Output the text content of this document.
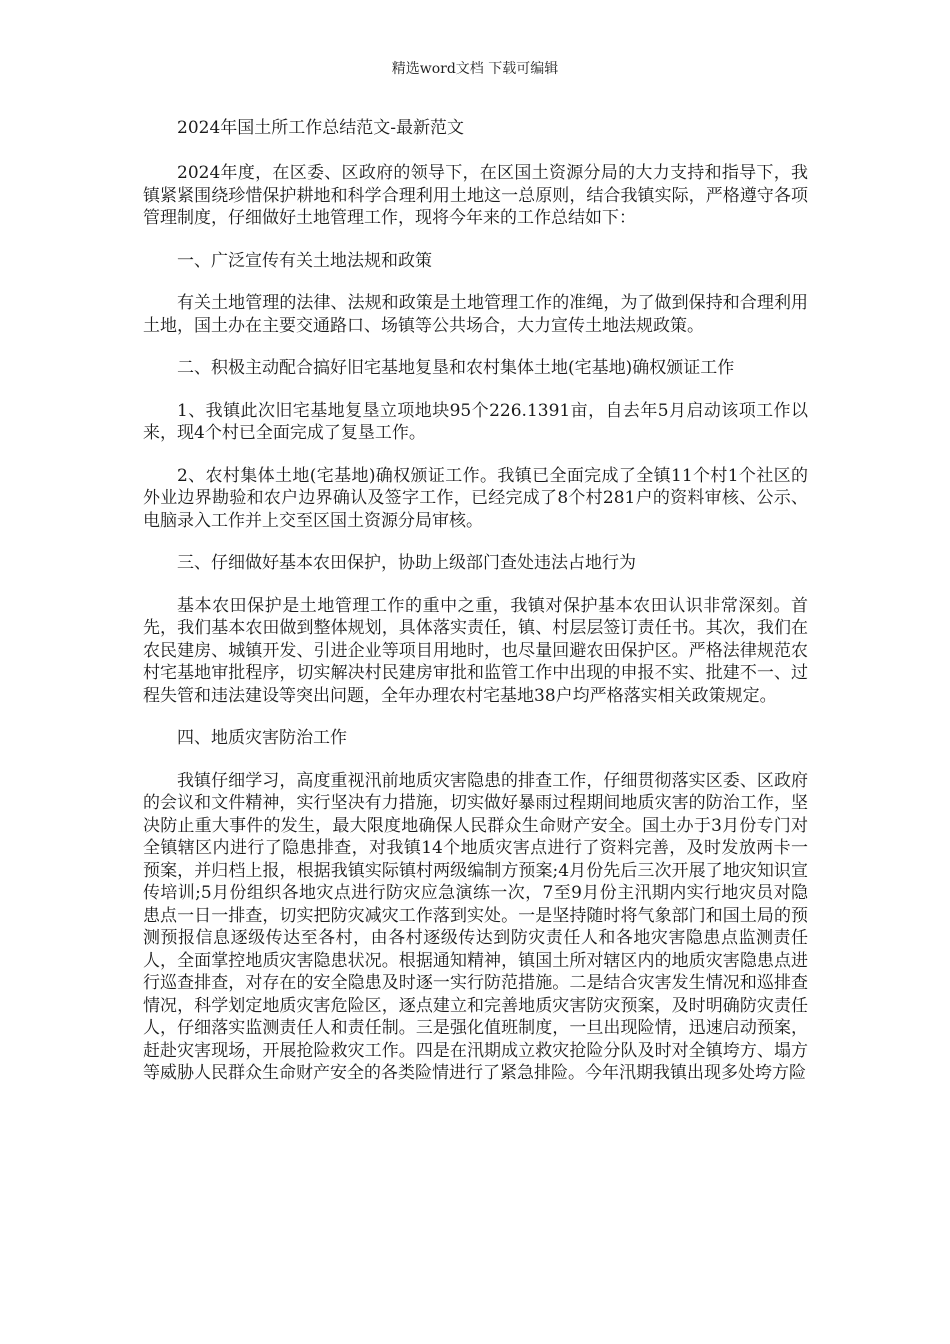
精选word文档 下载可编辑

2024年国土所工作总结范文-最新范文

2024年度，在区委、区政府的领导下，在区国土资源分局的大力支持和指导下，我镇紧紧围绕珍惜保护耕地和科学合理利用土地这一总原则，结合我镇实际，严格遵守各项管理制度，仔细做好土地管理工作，现将今年来的工作总结如下：

一、广泛宣传有关土地法规和政策

有关土地管理的法律、法规和政策是土地管理工作的准绳，为了做到保持和合理利用土地，国土办在主要交通路口、场镇等公共场合，大力宣传土地法规政策。

二、积极主动配合搞好旧宅基地复垦和农村集体土地(宅基地)确权颁证工作

1、我镇此次旧宅基地复垦立项地块95个226.1391亩，自去年5月启动该项工作以来，现4个村已全面完成了复垦工作。

2、农村集体土地(宅基地)确权颁证工作。我镇已全面完成了全镇11个村1个社区的外业边界勘验和农户边界确认及签字工作，已经完成了8个村281户的资料审核、公示、电脑录入工作并上交至区国土资源分局审核。

三、仔细做好基本农田保护，协助上级部门查处违法占地行为

基本农田保护是土地管理工作的重中之重，我镇对保护基本农田认识非常深刻。首先，我们基本农田做到整体规划，具体落实责任，镇、村层层签订责任书。其次，我们在农民建房、城镇开发、引进企业等项目用地时，也尽量回避农田保护区。严格法律规范农村宅基地审批程序，切实解决村民建房审批和监管工作中出现的申报不实、批建不一、过程失管和违法建设等突出问题，全年办理农村宅基地38户均严格落实相关政策规定。

四、地质灾害防治工作

我镇仔细学习，高度重视汛前地质灾害隐患的排查工作，仔细贯彻落实区委、区政府的会议和文件精神，实行坚决有力措施，切实做好暴雨过程期间地质灾害的防治工作，坚决防止重大事件的发生，最大限度地确保人民群众生命财产安全。国土办于3月份专门对全镇辖区内进行了隐患排查，对我镇14个地质灾害点进行了资料完善，及时发放两卡一预案，并归档上报，根据我镇实际镇村两级编制方预案;4月份先后三次开展了地灾知识宣传培训;5月份组织各地灾点进行防灾应急演练一次，7至9月份主汛期内实行地灾员对隐患点一日一排查，切实把防灾减灾工作落到实处。一是坚持随时将气象部门和国土局的预测预报信息逐级传达至各村，由各村逐级传达到防灾责任人和各地灾害隐患点监测责任人，全面掌控地质灾害隐患状况。根据通知精神，镇国土所对辖区内的地质灾害隐患点进行巡查排查，对存在的安全隐患及时逐一实行防范措施。二是结合灾害发生情况和巡排查情况，科学划定地质灾害危险区，逐点建立和完善地质灾害防灾预案，及时明确防灾责任人，仔细落实监测责任人和责任制。三是强化值班制度，一旦出现险情，迅速启动预案，赶赴灾害现场，开展抢险救灾工作。四是在汛期成立救灾抢险分队及时对全镇垮方、塌方等威胁人民群众生命财产安全的各类险情进行了紧急排险。今年汛期我镇出现多处垮方险
